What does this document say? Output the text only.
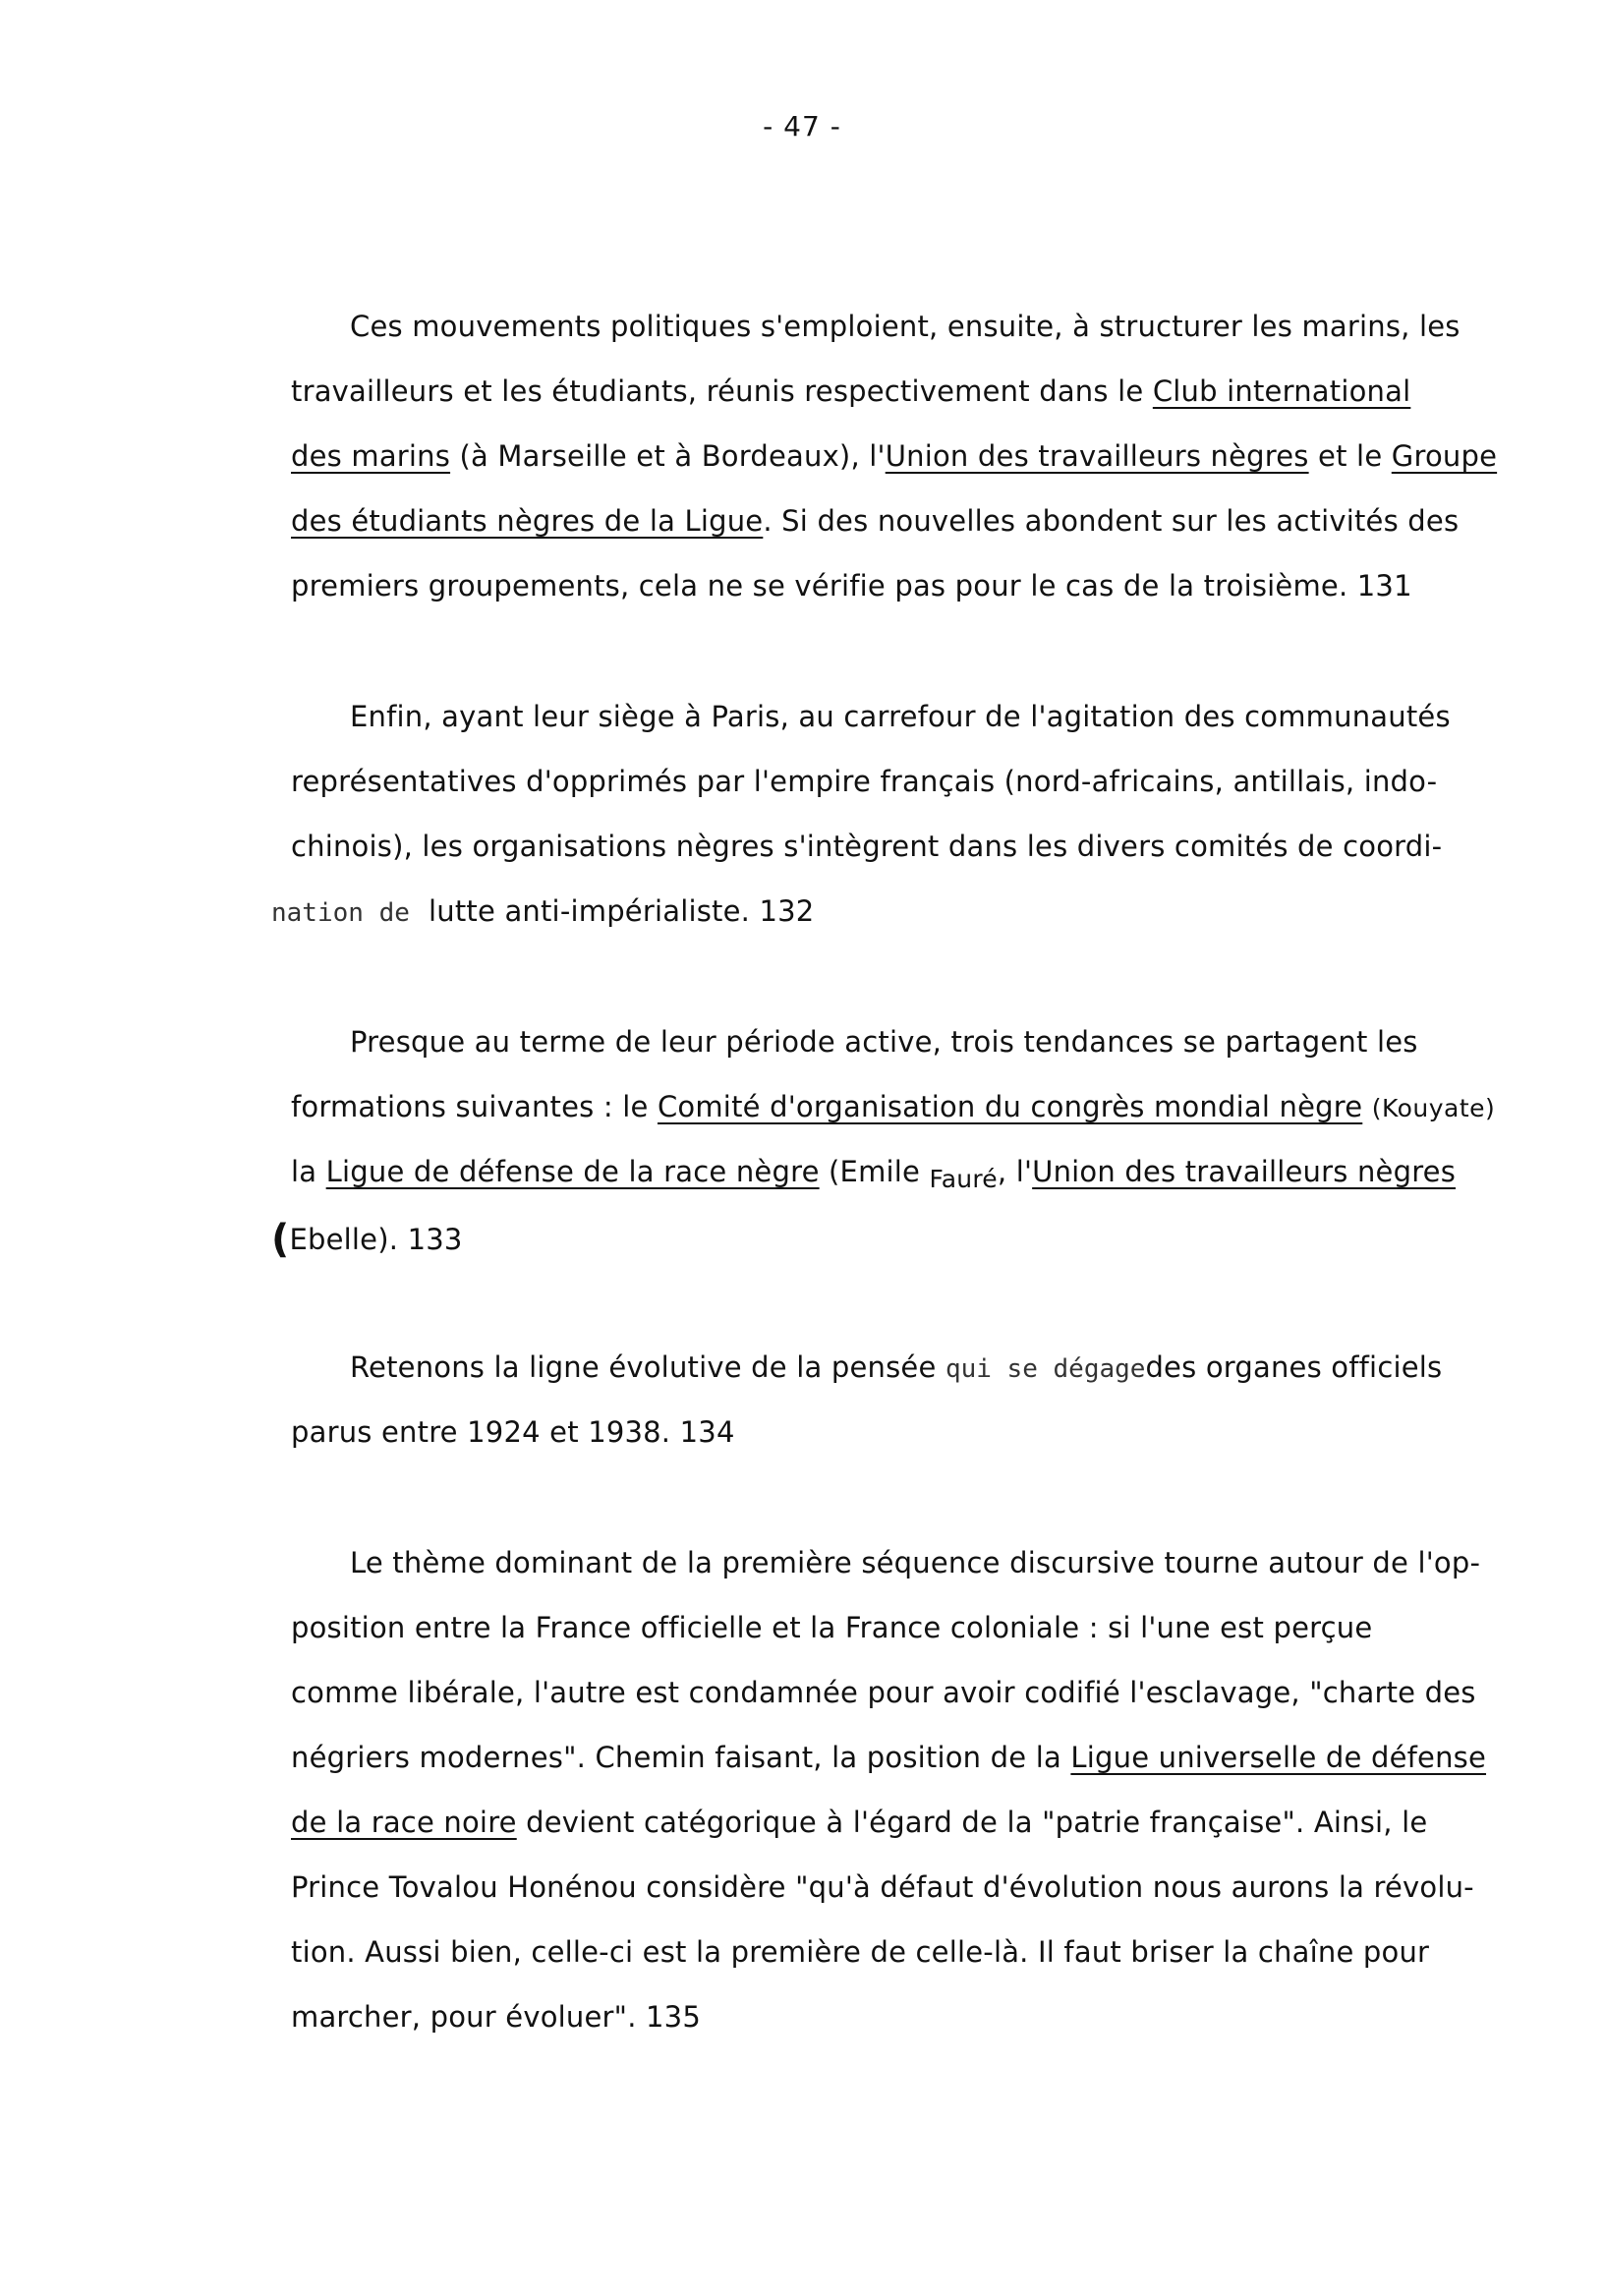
- 47 -
Ces mouvements politiques s'emploient, ensuite, à structurer les marins, les
travailleurs et les étudiants, réunis respectivement dans le Club international
des marins (à Marseille et à Bordeaux), l'Union des travailleurs nègres et le Groupe
des étudiants nègres de la Ligue. Si des nouvelles abondent sur les activités des
premiers groupements, cela ne se vérifie pas pour le cas de la troisième. 131
Enfin, ayant leur siège à Paris, au carrefour de l'agitation des communautés
représentatives d'opprimés par l'empire français (nord-africains, antillais, indo-
chinois), les organisations nègres s'intègrent dans les divers comités de coordi-
nation de lutte anti-impérialiste. 132
Presque au terme de leur période active, trois tendances se partagent les
formations suivantes : le Comité d'organisation du congrès mondial nègre (Kouyate)
la Ligue de défense de la race nègre (Emile Fauré, l'Union des travailleurs nègres
(Ebelle). 133
Retenons la ligne évolutive de la pensée qui se dégagedes organes officiels
parus entre 1924 et 1938. 134
Le thème dominant de la première séquence discursive tourne autour de l'op-
position entre la France officielle et la France coloniale : si l'une est perçue
comme libérale, l'autre est condamnée pour avoir codifié l'esclavage, "charte des
négriers modernes". Chemin faisant, la position de la Ligue universelle de défense
de la race noire devient catégorique à l'égard de la "patrie française". Ainsi, le
Prince Tovalou Honénou considère "qu'à défaut d'évolution nous aurons la révolu-
tion. Aussi bien, celle-ci est la première de celle-là. Il faut briser la chaîne pour
marcher, pour évoluer". 135
